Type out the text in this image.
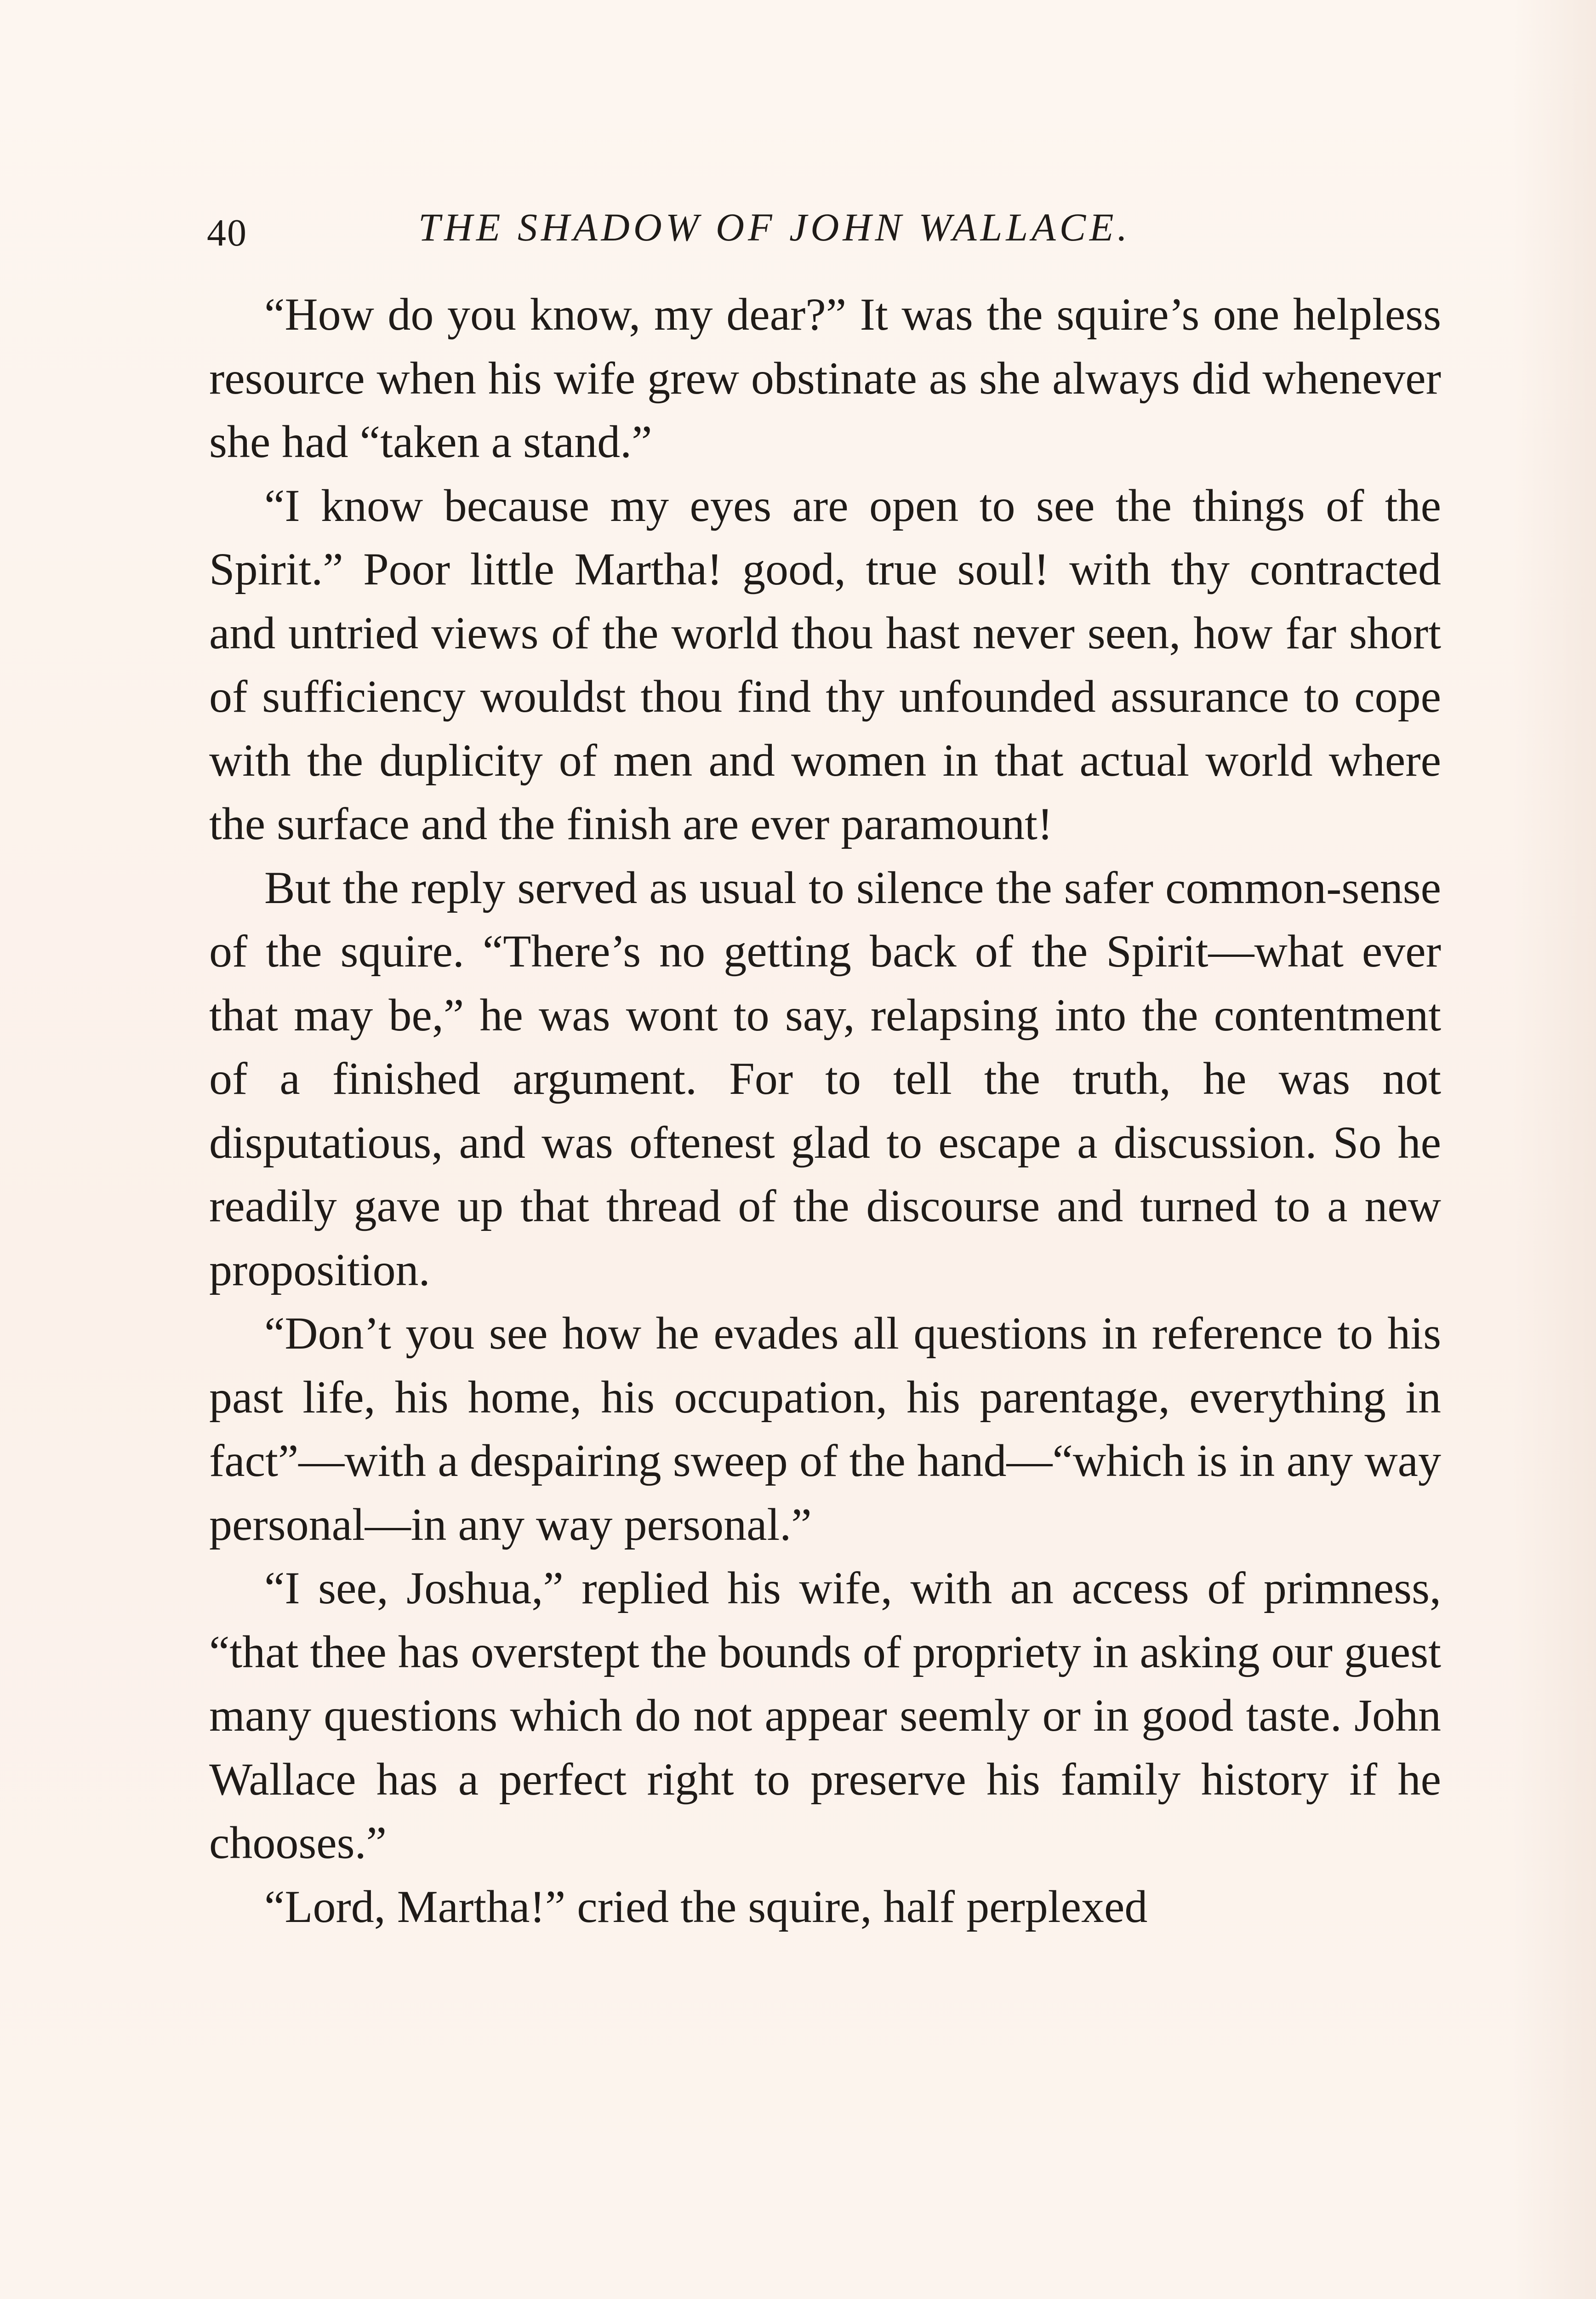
40	THE SHADOW OF JOHN WALLACE.

“How do you know, my dear?” It was the squire’s one helpless resource when his wife grew obstinate as she always did whenever she had “taken a stand.”

“I know because my eyes are open to see the things of the Spirit.” Poor little Martha! good, true soul! with thy contracted and untried views of the world thou hast never seen, how far short of sufficiency wouldst thou find thy unfounded assurance to cope with the duplicity of men and women in that actual world where the surface and the finish are ever paramount!

But the reply served as usual to silence the safer common-sense of the squire. “There’s no getting back of the Spirit—what ever that may be,” he was wont to say, relapsing into the contentment of a finished argument. For to tell the truth, he was not disputatious, and was oftenest glad to escape a discussion. So he readily gave up that thread of the discourse and turned to a new proposition.

“Don’t you see how he evades all questions in reference to his past life, his home, his occupation, his parentage, everything in fact”—with a despairing sweep of the hand—“which is in any way personal—in any way personal.”

“I see, Joshua,” replied his wife, with an access of primness, “that thee has overstept the bounds of propriety in asking our guest many questions which do not appear seemly or in good taste. John Wallace has a perfect right to preserve his family history if he chooses.”

“Lord, Martha!” cried the squire, half perplexed
